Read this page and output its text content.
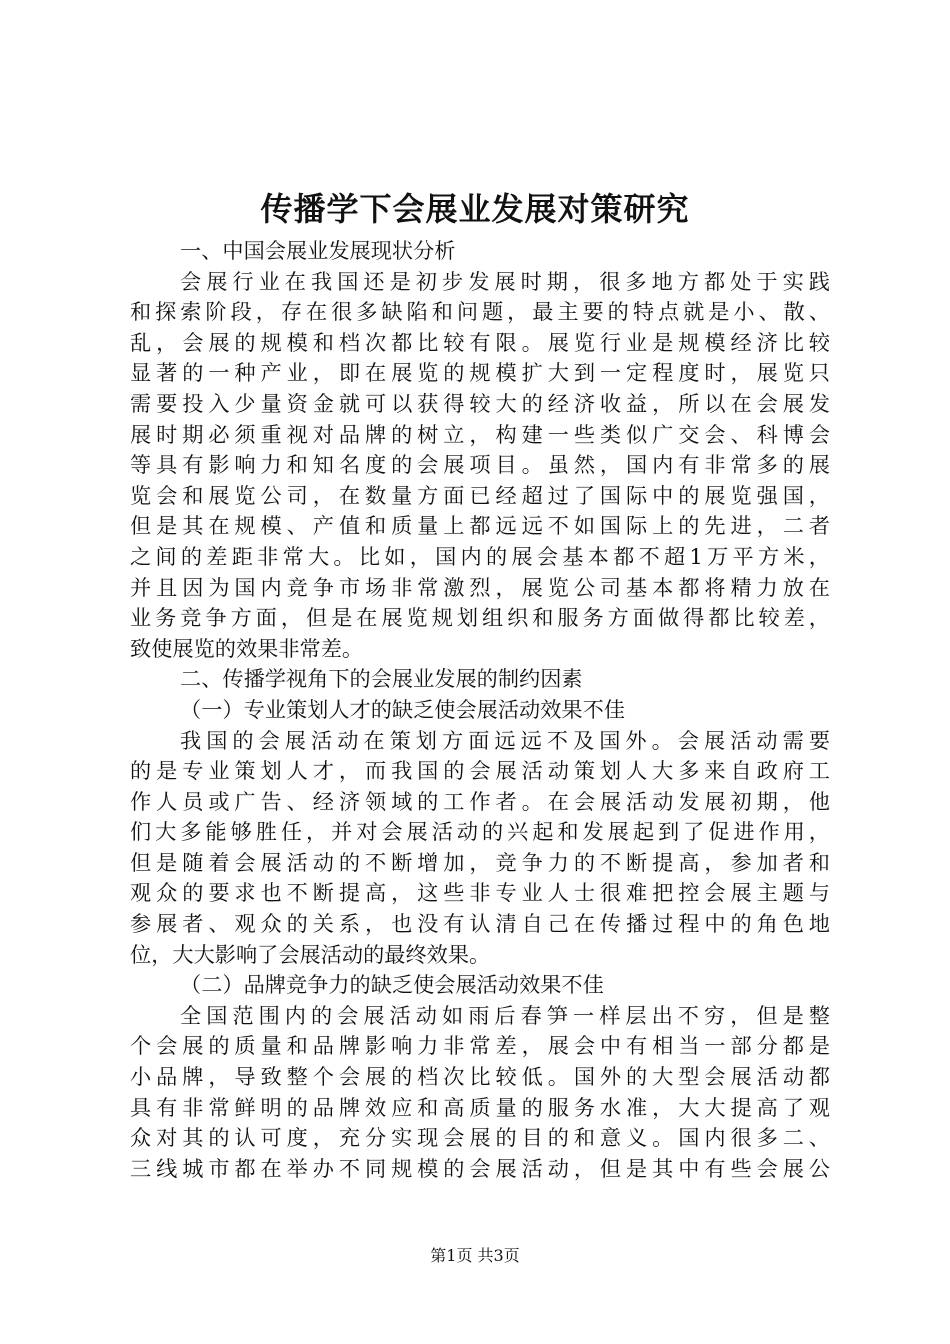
传播学下会展业发展对策研究
一、中国会展业发展现状分析
会展行业在我国还是初步发展时期，很多地方都处于实践
和探索阶段，存在很多缺陷和问题，最主要的特点就是小、散、
乱，会展的规模和档次都比较有限。展览行业是规模经济比较
显著的一种产业，即在展览的规模扩大到一定程度时，展览只
需要投入少量资金就可以获得较大的经济收益，所以在会展发
展时期必须重视对品牌的树立，构建一些类似广交会、科博会
等具有影响力和知名度的会展项目。虽然，国内有非常多的展
览会和展览公司，在数量方面已经超过了国际中的展览强国，
但是其在规模、产值和质量上都远远不如国际上的先进，二者
之间的差距非常大。比如，国内的展会基本都不超1万平方米，
并且因为国内竞争市场非常激烈，展览公司基本都将精力放在
业务竞争方面，但是在展览规划组织和服务方面做得都比较差，
致使展览的效果非常差。
二、传播学视角下的会展业发展的制约因素
（一）专业策划人才的缺乏使会展活动效果不佳
我国的会展活动在策划方面远远不及国外。会展活动需要
的是专业策划人才，而我国的会展活动策划人大多来自政府工
作人员或广告、经济领域的工作者。在会展活动发展初期，他
们大多能够胜任，并对会展活动的兴起和发展起到了促进作用，
但是随着会展活动的不断增加，竞争力的不断提高，参加者和
观众的要求也不断提高，这些非专业人士很难把控会展主题与
参展者、观众的关系，也没有认清自己在传播过程中的角色地
位，大大影响了会展活动的最终效果。
（二）品牌竞争力的缺乏使会展活动效果不佳
全国范围内的会展活动如雨后春笋一样层出不穷，但是整
个会展的质量和品牌影响力非常差，展会中有相当一部分都是
小品牌，导致整个会展的档次比较低。国外的大型会展活动都
具有非常鲜明的品牌效应和高质量的服务水准，大大提高了观
众对其的认可度，充分实现会展的目的和意义。国内很多二、
三线城市都在举办不同规模的会展活动，但是其中有些会展公
第1页 共3页
